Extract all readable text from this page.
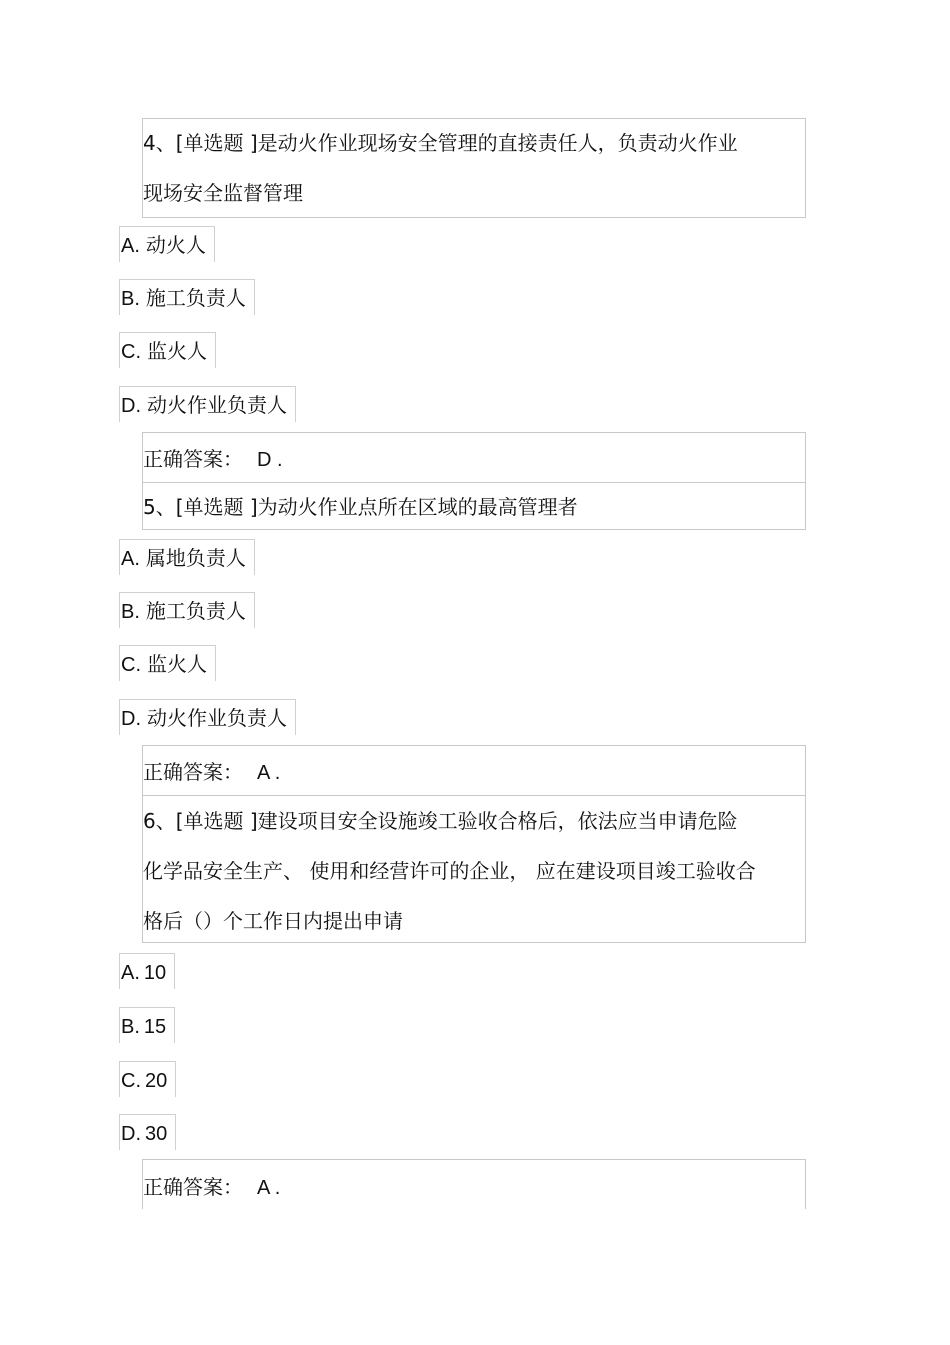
4、[单选题 ]是动火作业现场安全管理的直接责任人，负责动火作业
现场安全监督管理
A. 动火人
B. 施工负责人
C. 监火人
D. 动火作业负责人
正确答案： D .
5、[单选题 ]为动火作业点所在区域的最高管理者
A. 属地负责人
B. 施工负责人
C. 监火人
D. 动火作业负责人
正确答案： A .
6、[单选题 ]建设项目安全设施竣工验收合格后，依法应当申请危险
化学品安全生产、 使用和经营许可的企业， 应在建设项目竣工验收合
格后（）个工作日内提出申请
A. 10
B. 15
C. 20
D. 30
正确答案： A .
